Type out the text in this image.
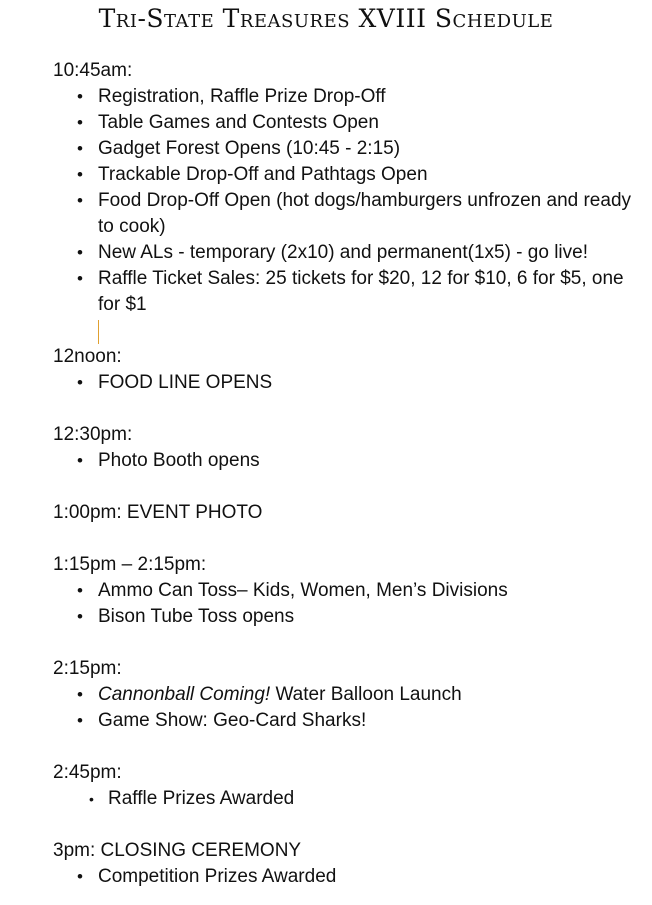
Tri-State Treasures XVIII Schedule
10:45am:
• Registration, Raffle Prize Drop-Off
• Table Games and Contests Open
• Gadget Forest Opens (10:45 - 2:15)
• Trackable Drop-Off and Pathtags Open
• Food Drop-Off Open (hot dogs/hamburgers unfrozen and ready to cook)
• New ALs - temporary (2x10) and permanent(1x5) - go live!
• Raffle Ticket Sales: 25 tickets for $20, 12 for $10, 6 for $5, one for $1
12noon:
• FOOD LINE OPENS
12:30pm:
• Photo Booth opens
1:00pm: EVENT PHOTO
1:15pm – 2:15pm:
• Ammo Can Toss– Kids, Women, Men’s Divisions
• Bison Tube Toss opens
2:15pm:
• Cannonball Coming! Water Balloon Launch
• Game Show: Geo-Card Sharks!
2:45pm:
• Raffle Prizes Awarded
3pm: CLOSING CEREMONY
• Competition Prizes Awarded
